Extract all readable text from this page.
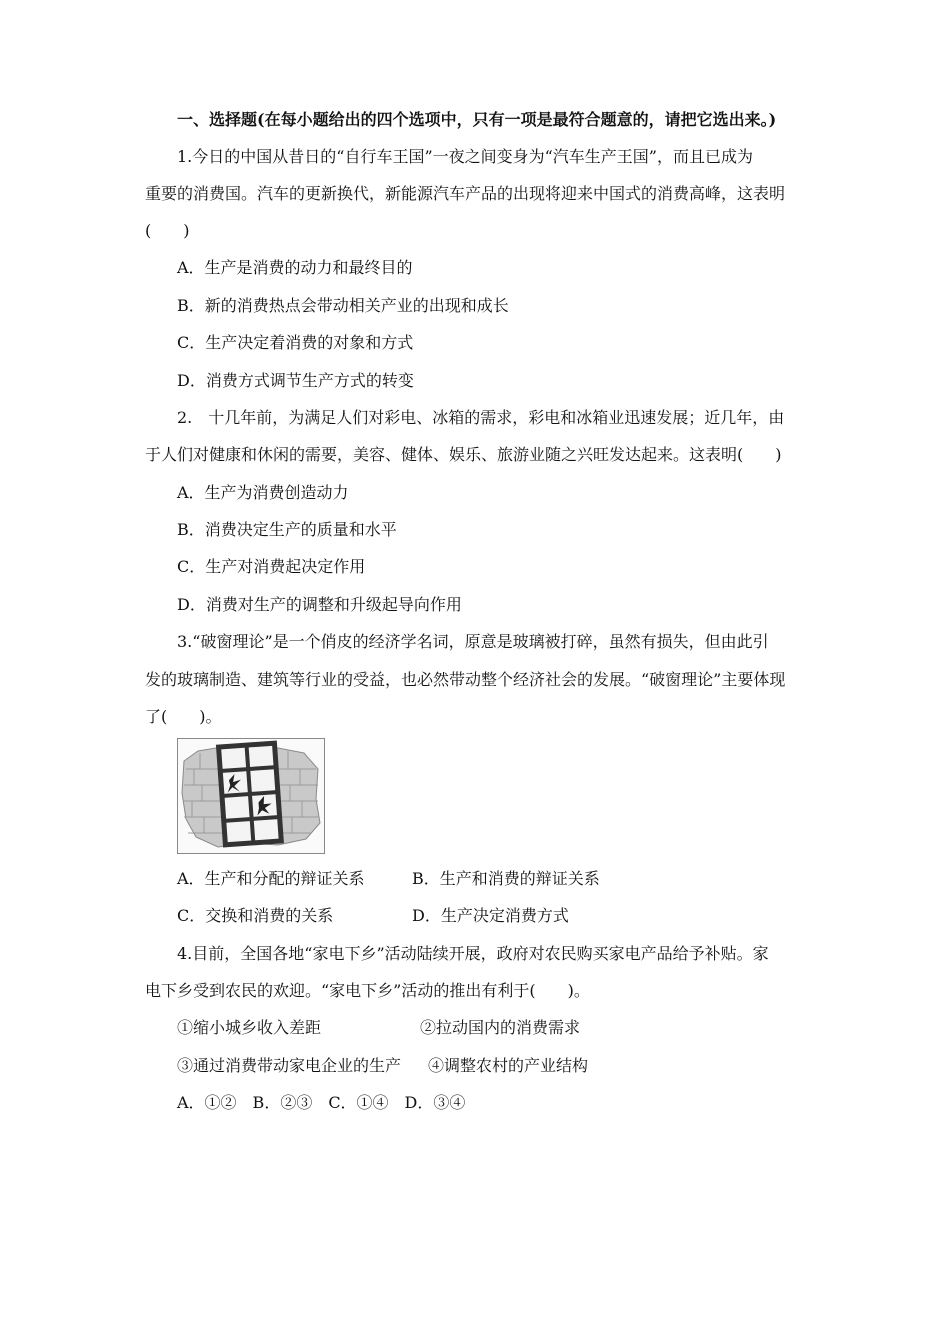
一、选择题(在每小题给出的四个选项中，只有一项是最符合题意的，请把它选出来。)
1.今日的中国从昔日的“自行车王国”一夜之间变身为“汽车生产王国”，而且已成为
重要的消费国。汽车的更新换代，新能源汽车产品的出现将迎来中国式的消费高峰，这表明
(　　)
A．生产是消费的动力和最终目的
B．新的消费热点会带动相关产业的出现和成长
C．生产决定着消费的对象和方式
D．消费方式调节生产方式的转变
2.　十几年前，为满足人们对彩电、冰箱的需求，彩电和冰箱业迅速发展；近几年，由
于人们对健康和休闲的需要，美容、健体、娱乐、旅游业随之兴旺发达起来。这表明(　　)
A．生产为消费创造动力
B．消费决定生产的质量和水平
C．生产对消费起决定作用
D．消费对生产的调整和升级起导向作用
3.“破窗理论”是一个俏皮的经济学名词，原意是玻璃被打碎，虽然有损失，但由此引
发的玻璃制造、建筑等行业的受益，也必然带动整个经济社会的发展。“破窗理论”主要体现
了(　　)。
A．生产和分配的辩证关系	B．生产和消费的辩证关系
C．交换和消费的关系	D．生产决定消费方式
4.目前，全国各地“家电下乡”活动陆续开展，政府对农民购买家电产品给予补贴。家
电下乡受到农民的欢迎。“家电下乡”活动的推出有利于(　　)。
①缩小城乡收入差距	②拉动国内的消费需求
③通过消费带动家电企业的生产 ④调整农村的产业结构
A．①②　B．②③　C．①④　D．③④
